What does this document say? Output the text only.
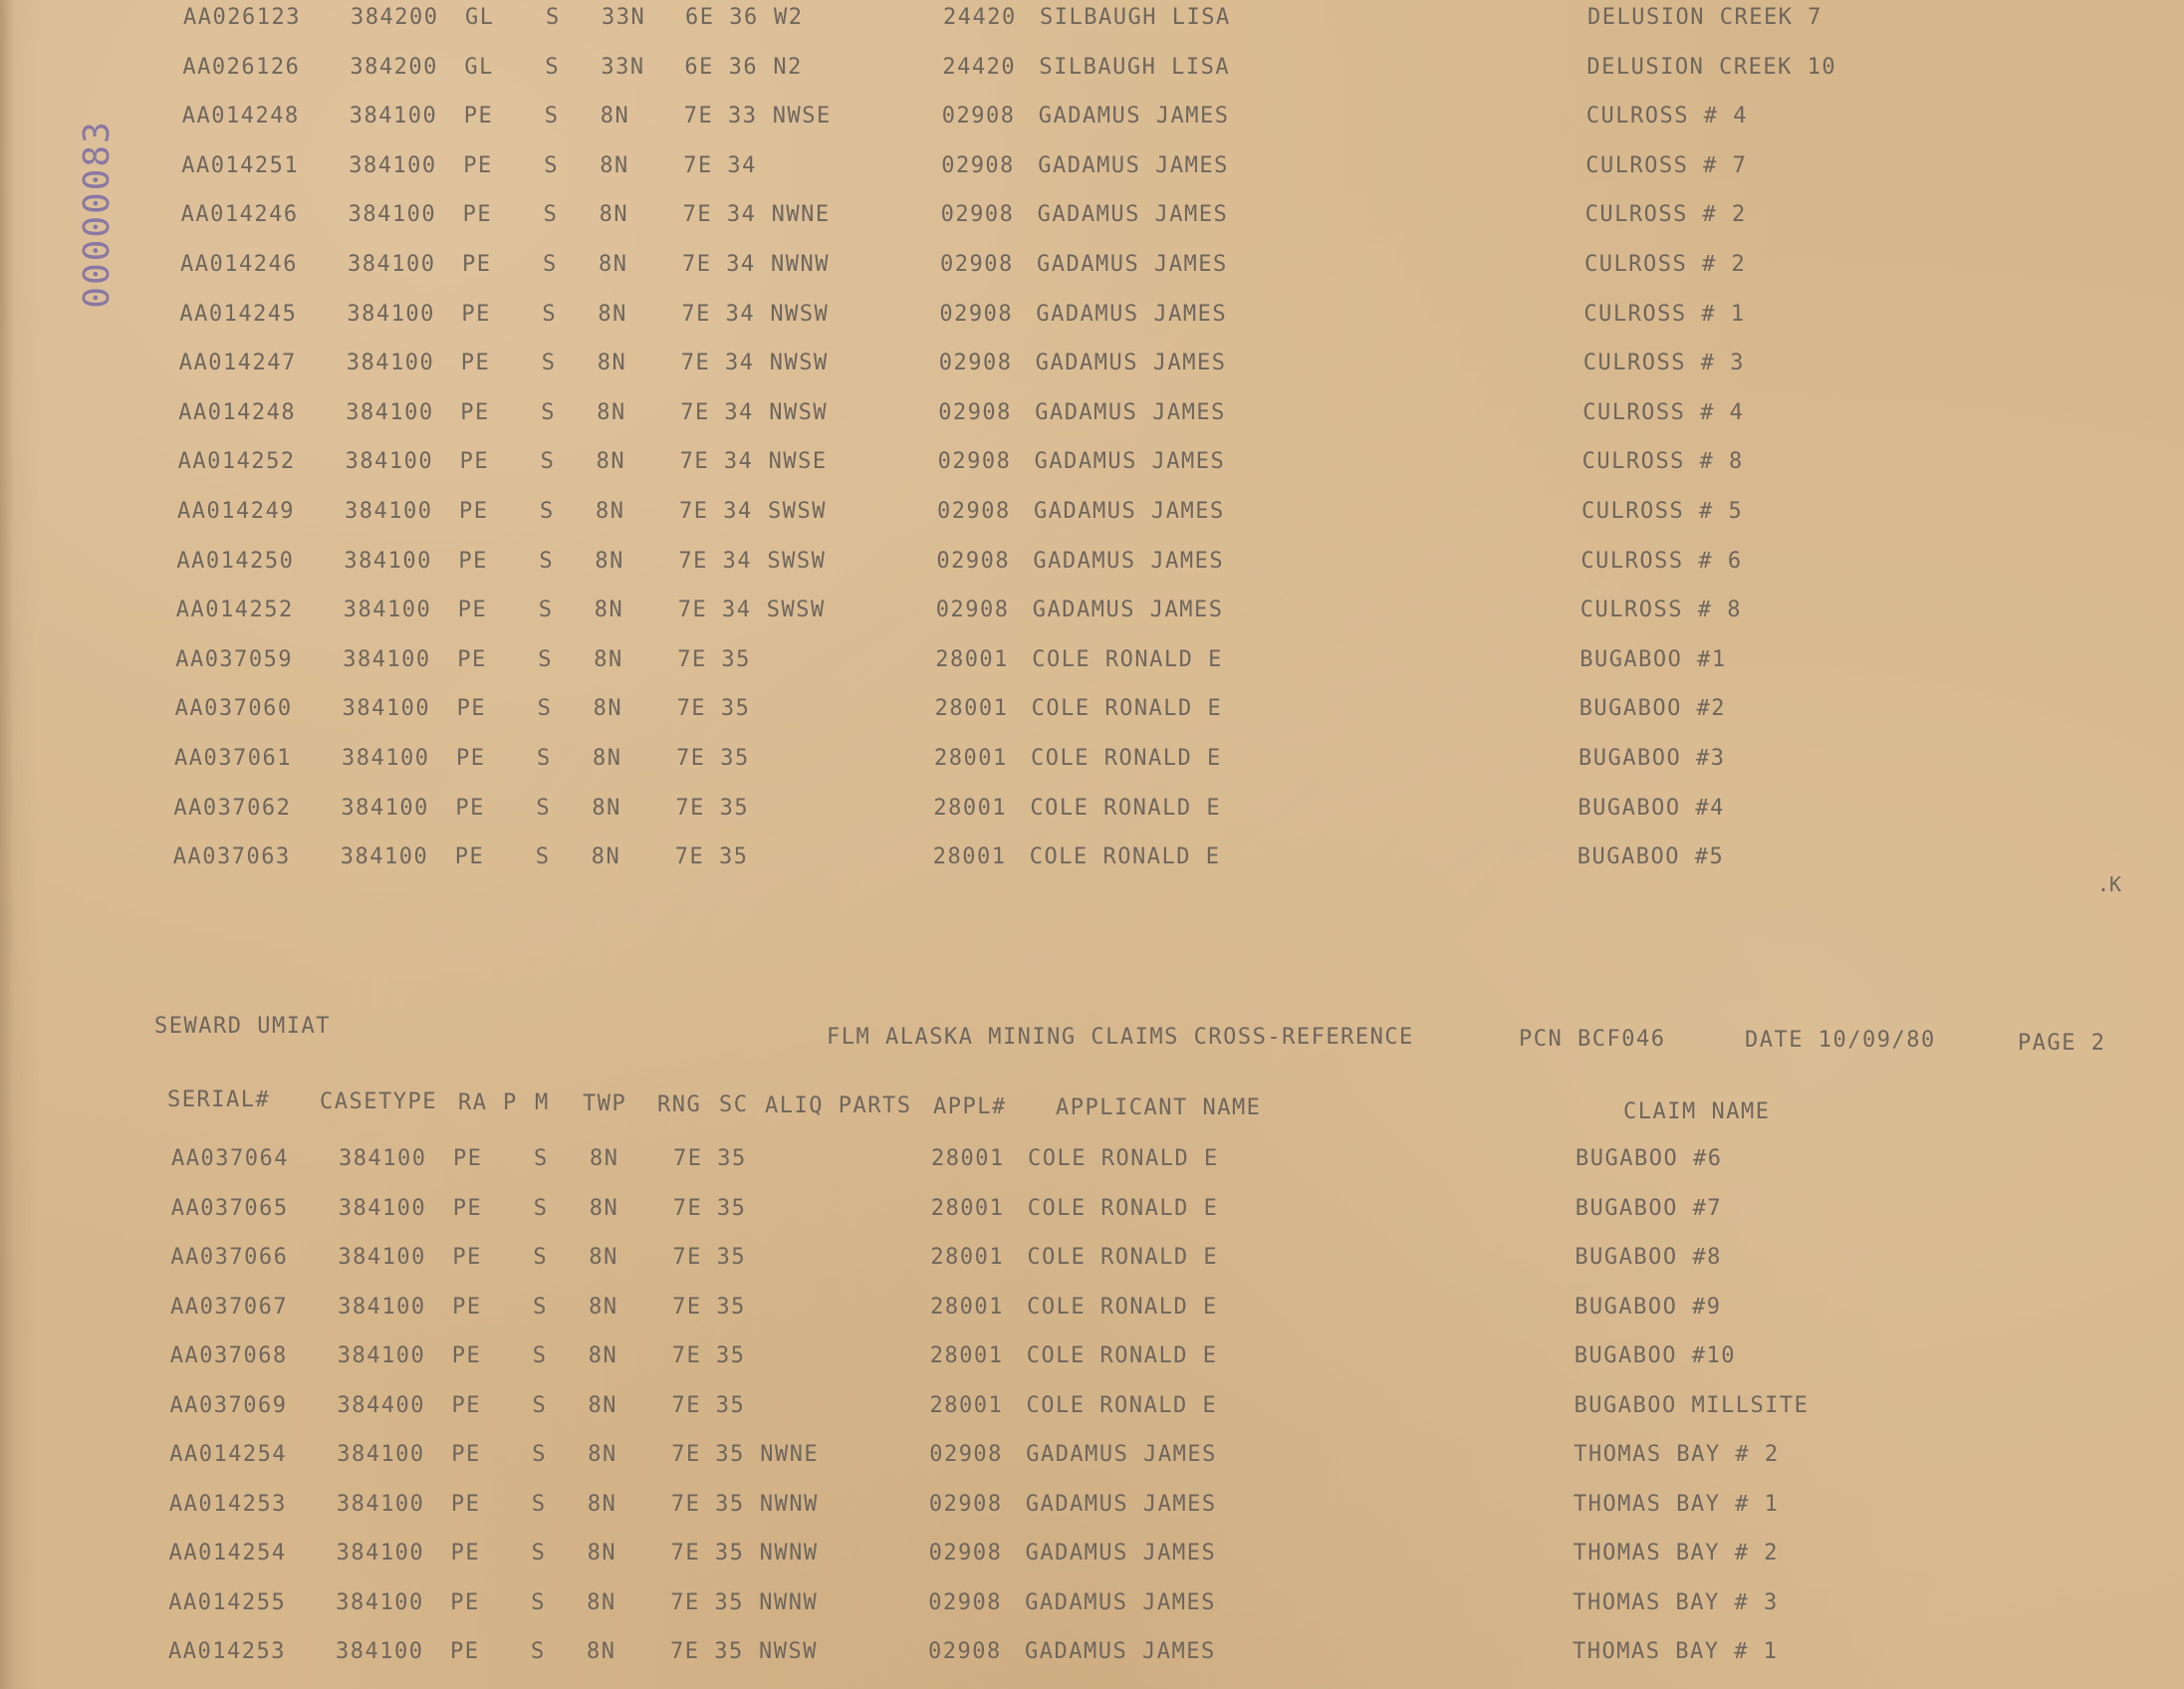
00000083
AA026123 384200 GL S 33N 6E 36 W2	24420 SILBAUGH LISA	DELUSION CREEK 7
AA026126 384200 GL S 33N 6E 36 N2	24420 SILBAUGH LISA	DELUSION CREEK 10
AA014248 384100 PE S 8N 7E 33 NWSE	02908 GADAMUS JAMES	CULROSS # 4
AA014251 384100 PE S 8N 7E 34	02908 GADAMUS JAMES	CULROSS # 7
AA014246 384100 PE S 8N 7E 34 NWNE	02908 GADAMUS JAMES	CULROSS # 2
AA014246 384100 PE S 8N 7E 34 NWNW	02908 GADAMUS JAMES	CULROSS # 2
AA014245 384100 PE S 8N 7E 34 NWSW	02908 GADAMUS JAMES	CULROSS # 1
AA014247 384100 PE S 8N 7E 34 NWSW	02908 GADAMUS JAMES	CULROSS # 3
AA014248 384100 PE S 8N 7E 34 NWSW	02908 GADAMUS JAMES	CULROSS # 4
AA014252 384100 PE S 8N 7E 34 NWSE	02908 GADAMUS JAMES	CULROSS # 8
AA014249 384100 PE S 8N 7E 34 SWSW	02908 GADAMUS JAMES	CULROSS # 5
AA014250 384100 PE S 8N 7E 34 SWSW	02908 GADAMUS JAMES	CULROSS # 6
AA014252 384100 PE S 8N 7E 34 SWSW	02908 GADAMUS JAMES	CULROSS # 8
AA037059 384100 PE S 8N 7E 35	28001 COLE RONALD E	BUGABOO #1
AA037060 384100 PE S 8N 7E 35	28001 COLE RONALD E	BUGABOO #2
AA037061 384100 PE S 8N 7E 35	28001 COLE RONALD E	BUGABOO #3
AA037062 384100 PE S 8N 7E 35	28001 COLE RONALD E	BUGABOO #4
AA037063 384100 PE S 8N 7E 35	28001 COLE RONALD E	BUGABOO #5
.K
SEWARD UMIAT	FLM ALASKA MINING CLAIMS CROSS-REFERENCE	PCN BCF046	DATE 10/09/80	PAGE 2
SERIAL# CASETYPE RA P M TWP RNG SC ALIQ PARTS APPL# APPLICANT NAME	CLAIM NAME
AA037064 384100 PE S 8N 7E 35	28001 COLE RONALD E	BUGABOO #6
AA037065 384100 PE S 8N 7E 35	28001 COLE RONALD E	BUGABOO #7
AA037066 384100 PE S 8N 7E 35	28001 COLE RONALD E	BUGABOO #8
AA037067 384100 PE S 8N 7E 35	28001 COLE RONALD E	BUGABOO #9
AA037068 384100 PE S 8N 7E 35	28001 COLE RONALD E	BUGABOO #10
AA037069 384400 PE S 8N 7E 35	28001 COLE RONALD E	BUGABOO MILLSITE
AA014254 384100 PE S 8N 7E 35 NWNE	02908 GADAMUS JAMES	THOMAS BAY # 2
AA014253 384100 PE S 8N 7E 35 NWNW	02908 GADAMUS JAMES	THOMAS BAY # 1
AA014254 384100 PE S 8N 7E 35 NWNW	02908 GADAMUS JAMES	THOMAS BAY # 2
AA014255 384100 PE S 8N 7E 35 NWNW	02908 GADAMUS JAMES	THOMAS BAY # 3
AA014253 384100 PE S 8N 7E 35 NWSW	02908 GADAMUS JAMES	THOMAS BAY # 1
